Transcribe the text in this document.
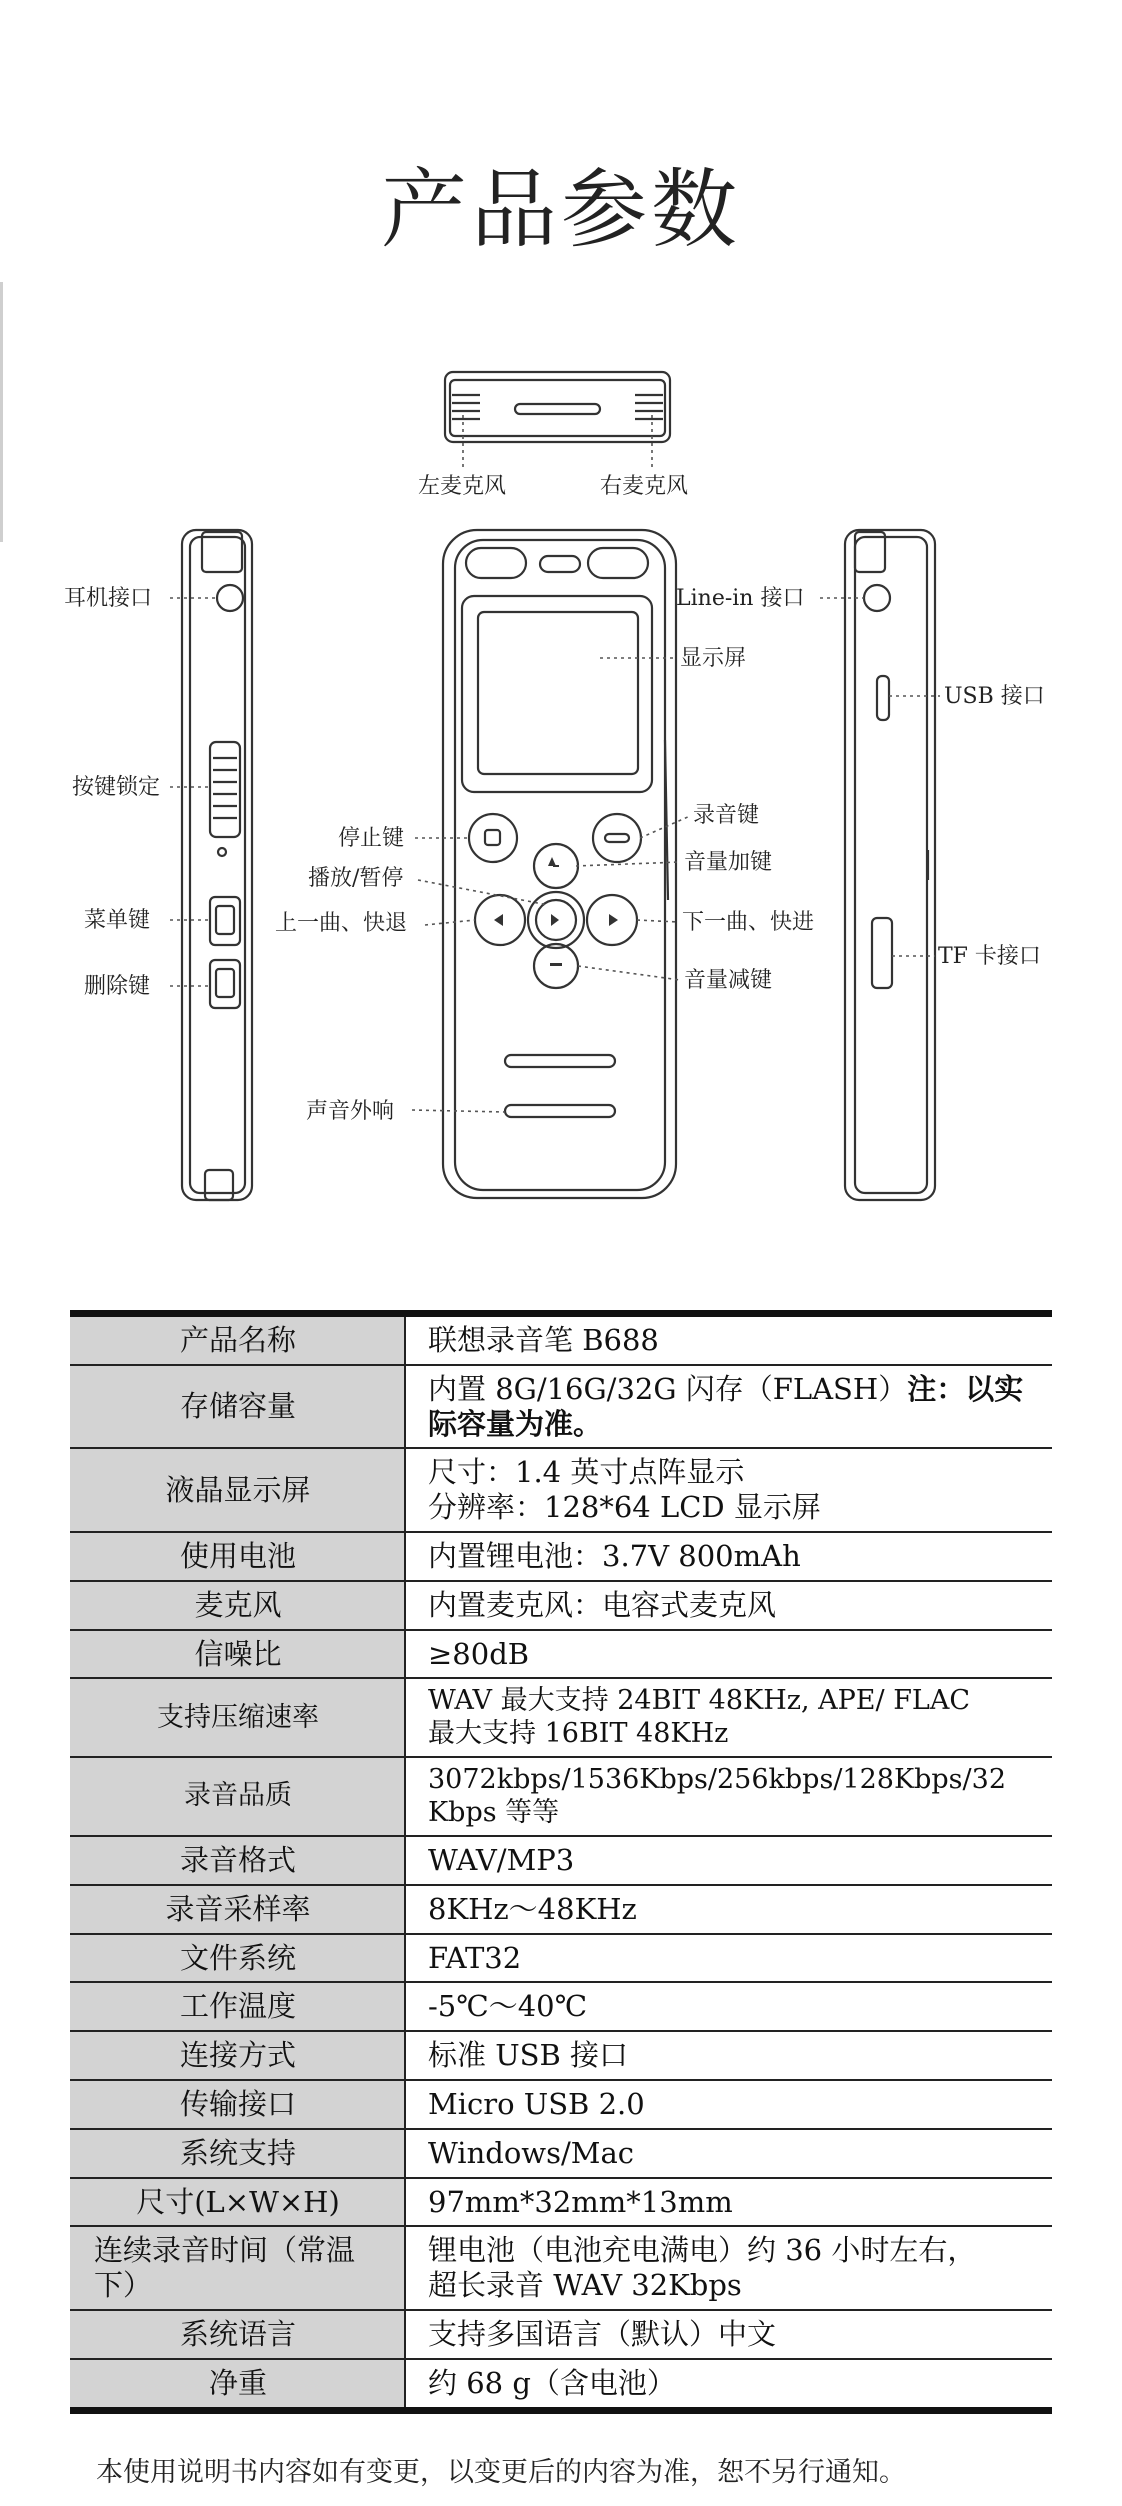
产品参数
左麦克风	右麦克风
耳机接口
按键锁定
菜单键
删除键
Line-in 接口
显示屏
USB 接口
停止键
录音键
播放/暂停
音量加键
上一曲、快退	下一曲、快进
音量减键
TF 卡接口
声音外响
产品名称	联想录音笔 B688
存储容量	内置 8G/16G/32G 闪存（FLASH）注：以实际容量为准。
液晶显示屏	尺寸：1.4 英寸点阵显示
分辨率：128*64 LCD 显示屏

使用电池	内置锂电池：3.7V 800mAh
麦克风	内置麦克风：电容式麦克风
信噪比	≥80dB
支持压缩速率	WAV 最大支持 24BIT 48KHz, APE/ FLAC
最大支持 16BIT 48KHz

录音品质	3072kbps/1536Kbps/256kbps/128Kbps/32
Kbps 等等

录音格式	WAV/MP3
录音采样率	8KHz～48KHz
文件系统	FAT32
工作温度	-5℃～40℃
连接方式	标准 USB 接口
传输接口	Micro USB 2.0
系统支持	Windows/Mac
尺寸(L×W×H)	97mm*32mm*13mm
连续录音时间（常温下）	锂电池（电池充电满电）约 36 小时左右，
超长录音 WAV 32Kbps

系统语言	支持多国语言（默认）中文
净重	约 68 g（含电池）
本使用说明书内容如有变更，以变更后的内容为准，恕不另行通知。
